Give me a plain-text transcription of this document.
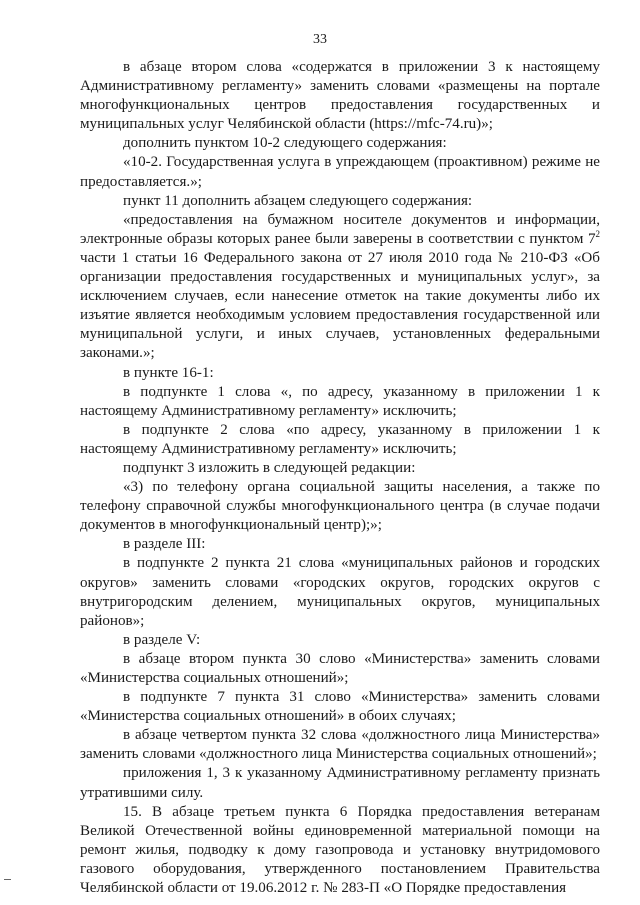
33

в абзаце втором слова «содержатся в приложении 3 к настоящему Административному регламенту» заменить словами «размещены на портале многофункциональных центров предоставления государственных и муниципальных услуг Челябинской области (https://mfc-74.ru)»;

дополнить пунктом 10-2 следующего содержания:

«10-2. Государственная услуга в упреждающем (проактивном) режиме не предоставляется.»;

пункт 11 дополнить абзацем следующего содержания:

«предоставления на бумажном носителе документов и информации, электронные образы которых ранее были заверены в соответствии с пунктом $7^2$ части 1 статьи 16 Федерального закона от 27 июля 2010 года № 210-ФЗ «Об организации предоставления государственных и муниципальных услуг», за исключением случаев, если нанесение отметок на такие документы либо их изъятие является необходимым условием предоставления государственной или муниципальной услуги, и иных случаев, установленных федеральными законами.»;

в пункте 16-1:

в подпункте 1 слова «, по адресу, указанному в приложении 1 к настоящему Административному регламенту» исключить;

в подпункте 2 слова «по адресу, указанному в приложении 1 к настоящему Административному регламенту» исключить;

подпункт 3 изложить в следующей редакции:

«3) по телефону органа социальной защиты населения, а также по телефону справочной службы многофункционального центра (в случае подачи документов в многофункциональный центр);»;

в разделе III:

в подпункте 2 пункта 21 слова «муниципальных районов и городских округов» заменить словами «городских округов, городских округов с внутригородским делением, муниципальных округов, муниципальных районов»;

в разделе V:

в абзаце втором пункта 30 слово «Министерства» заменить словами «Министерства социальных отношений»;

в подпункте 7 пункта 31 слово «Министерства» заменить словами «Министерства социальных отношений» в обоих случаях;

в абзаце четвертом пункта 32 слова «должностного лица Министерства» заменить словами «должностного лица Министерства социальных отношений»;

приложения 1, 3 к указанному Административному регламенту признать утратившими силу.

15. В абзаце третьем пункта 6 Порядка предоставления ветеранам Великой Отечественной войны единовременной материальной помощи на ремонт жилья, подводку к дому газопровода и установку внутридомового газового оборудования, утвержденного постановлением Правительства Челябинской области от 19.06.2012 г. № 283-П «О Порядке предоставления
